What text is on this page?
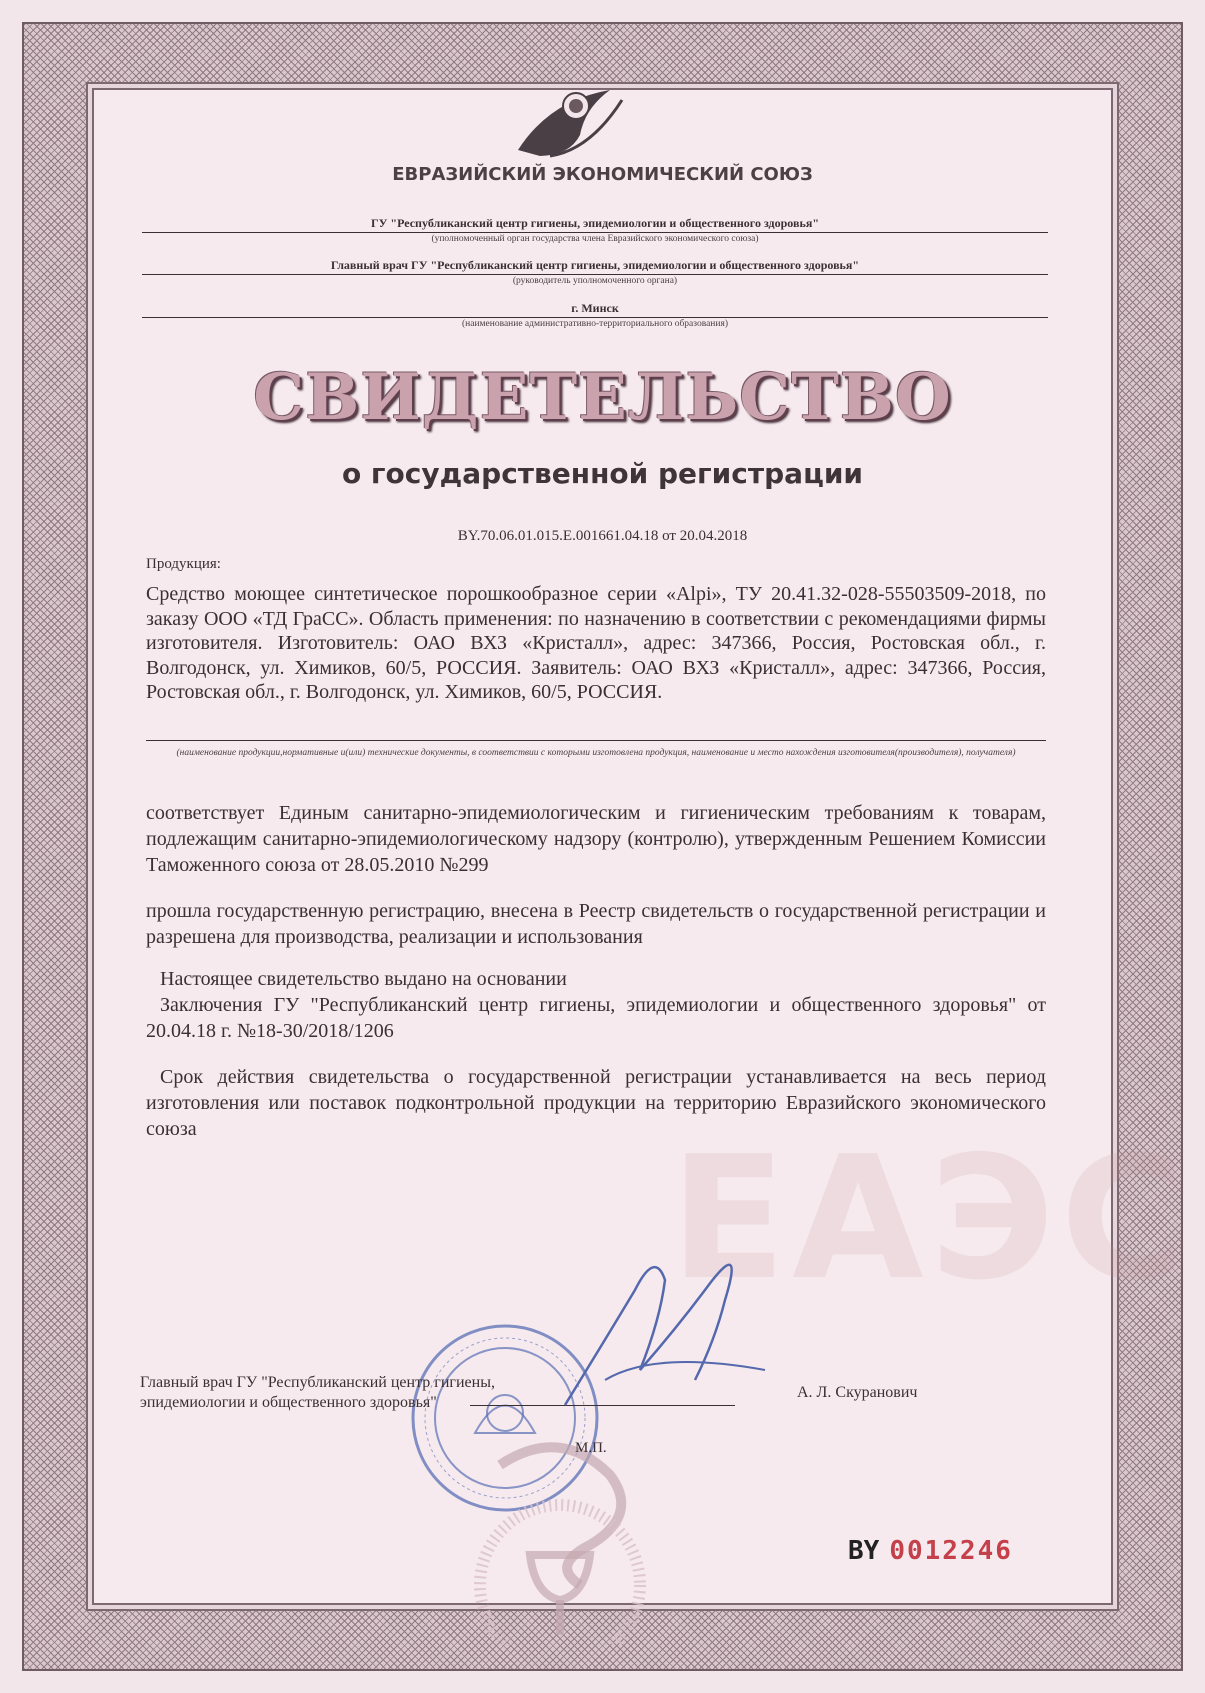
ЕАЭС
ЕВРАЗИЙСКИЙ ЭКОНОМИЧЕСКИЙ СОЮЗ
ГУ "Республиканский центр гигиены, эпидемиологии и общественного здоровья"
(уполномоченный орган государства члена Евразийского экономического союза)
Главный врач ГУ "Республиканский центр гигиены, эпидемиологии и общественного здоровья"
(руководитель уполномоченного органа)
г. Минск
(наименование административно-территориального образования)
СВИДЕТЕЛЬСТВО
о государственной регистрации
BY.70.06.01.015.Е.001661.04.18 от 20.04.2018
Продукция:
Средство моющее синтетическое порошкообразное серии «Alpi», ТУ 20.41.32-028-55503509-2018, по заказу ООО «ТД ГраСС». Область применения: по назначению в соответствии с рекомендациями фирмы изготовителя. Изготовитель: ОАО ВХЗ «Кристалл», адрес: 347366, Россия, Ростовская обл., г. Волгодонск, ул. Химиков, 60/5, РОССИЯ. Заявитель: ОАО ВХЗ «Кристалл», адрес: 347366, Россия, Ростовская обл., г. Волгодонск, ул. Химиков, 60/5, РОССИЯ.
(наименование продукции,нормативные и(или) технические документы, в соответствии с которыми изготовлена продукция, наименование и место нахождения изготовителя(производителя), получателя)
соответствует Единым санитарно-эпидемиологическим и гигиеническим требованиям к товарам, подлежащим санитарно-эпидемиологическому надзору (контролю), утвержденным Решением Комиссии Таможенного союза от 28.05.2010 №299
прошла государственную регистрацию, внесена в Реестр свидетельств о государственной регистрации и разрешена для производства, реализации и использования
Настоящее свидетельство выдано на основании
Заключения ГУ "Республиканский центр гигиены, эпидемиологии и общественного здоровья" от 20.04.18 г. №18-30/2018/1206
Срок действия свидетельства о государственной регистрации устанавливается на весь период изготовления или поставок подконтрольной продукции на территорию Евразийского экономического союза
Главный врач ГУ "Республиканский центр гигиены, эпидемиологии и общественного здоровья"
М.П.
А. Л. Скуранович
BY 0012246
